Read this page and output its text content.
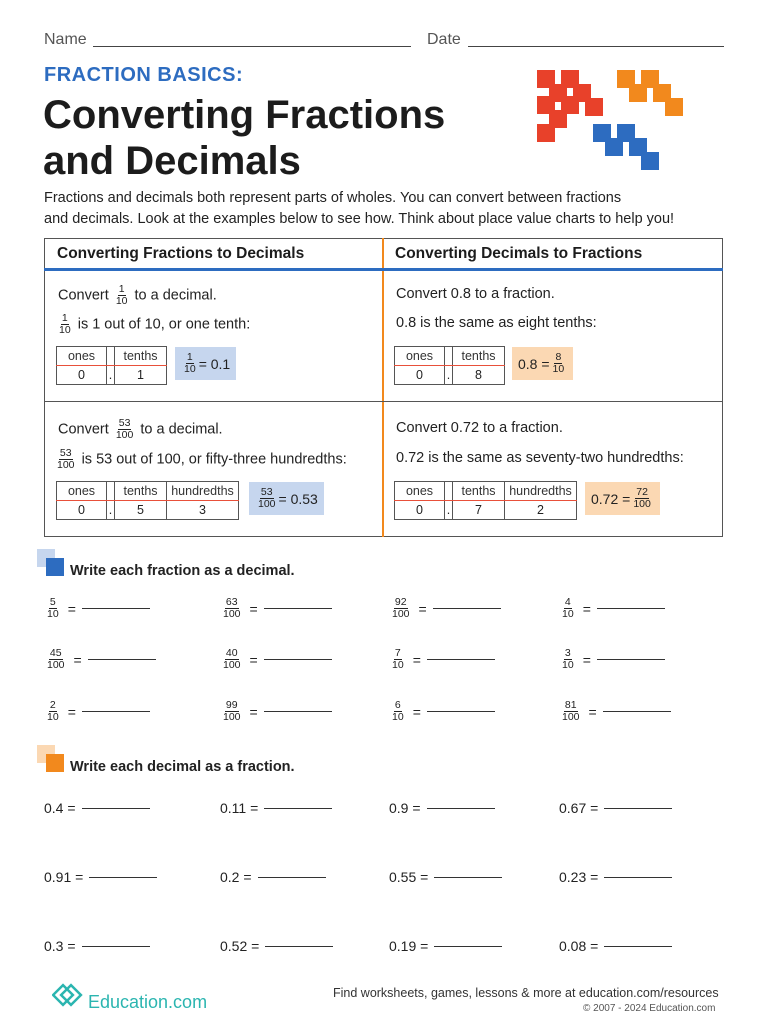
Name	Date
FRACTION BASICS:
Converting Fractions
and Decimals
Fractions and decimals both represent parts of wholes. You can convert between fractions
and decimals. Look at the examples below to see how. Think about place value charts to help you!
Converting Fractions to Decimals	Converting Decimals to Fractions
Convert $\frac{1}{10}$ to a decimal.
$\frac{1}{10}$ is 1 out of 10, or one tenth:
ones		tenths
0	.	1	$\frac{1}{10} = 0.1$
Convert $\frac{53}{100}$ to a decimal.
$\frac{53}{100}$ is 53 out of 100, or fifty-three hundredths:
ones		tenths	hundredths
0	.	5	3	$\frac{53}{100} = 0.53$
Convert 0.8 to a fraction.
0.8 is the same as eight tenths:
ones		tenths
0	.	8
$0.8 = \frac{8}{10}$
Convert 0.72 to a fraction.
0.72 is the same as seventy-two hundredths:
ones		tenths	hundredths
0	.	7	2
$0.72 = \frac{72}{100}$
Write each fraction as a decimal.
$\frac{5}{10}$ =	$\frac{63}{100}$ =	$\frac{92}{100}$ =	$\frac{4}{10}$ =
$\frac{45}{100}$ =	$\frac{40}{100}$ =	$\frac{7}{10}$ =	$\frac{3}{10}$ =
$\frac{2}{10}$ =	$\frac{99}{100}$ =	$\frac{6}{10}$ =	$\frac{81}{100}$ =
Write each decimal as a fraction.
0.4 =	0.11 =	0.9 =	0.67 =
0.91 =	0.2 =	0.55 =	0.23 =
0.3 =	0.52 =	0.19 =	0.08 =
Education.com	Find worksheets, games, lessons & more at education.com/resources
© 2007 - 2024 Education.com
